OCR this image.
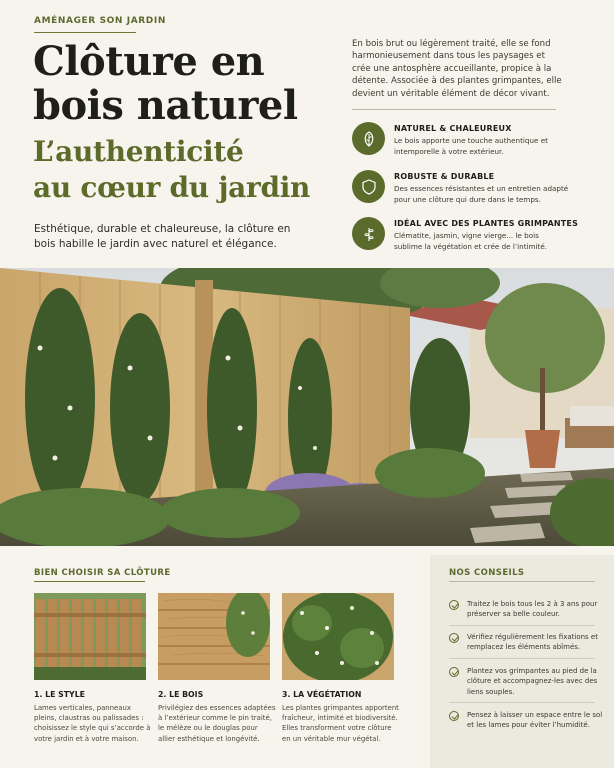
AMÉNAGER SON JARDIN
Clôture en
bois naturel
L’authenticité
au cœur du jardin

Esthétique, durable et chaleureuse, la clôture en bois habille le jardin avec naturel et élégance.

En bois brut ou légèrement traité, elle se fond harmonieusement dans tous les paysages et crée une antosphère accueillante, propice à la détente. Associée à des plantes grimpantes, elle devient un véritable élément de décor vivant.

NATUREL & CHALEUREUX
Le bois apporte une touche authentique et intemporelle à votre extérieur.
ROBUSTE & DURABLE
Des essences résistantes et un entretien adapté pour une clôture qui dure dans le temps.
IDÉAL AVEC DES PLANTES GRIMPANTES
Clématite, jasmin, vigne vierge... le bois sublime la végétation et crée de l’intimité.
BIEN CHOISIR SA CLÔTURE
1. LE STYLE
Lames verticales, panneaux pleins, claustras ou palissades : choisissez le style qui s’accorde à votre jardin et à votre maison.
2. LE BOIS
Privilégiez des essences adaptées à l’extérieur comme le pin traité, le mélèze ou le douglas pour allier esthétique et longévité.
3. LA VÉGÉTATION
Les plantes grimpantes apportent fraîcheur, intimité et biodiversité. Elles transforment votre clôture en un véritable mur végétal.
NOS CONSEILS
Traitez le bois tous les 2 à 3 ans pour préserver sa belle couleur.
Vérifiez régulièrement les fixations et remplacez les éléments abîmés.
Plantez vos grimpantes au pied de la clôture et accompagnez-les avec des liens souples.
Pensez à laisser un espace entre le sol et les lames pour éviter l’humidité.
